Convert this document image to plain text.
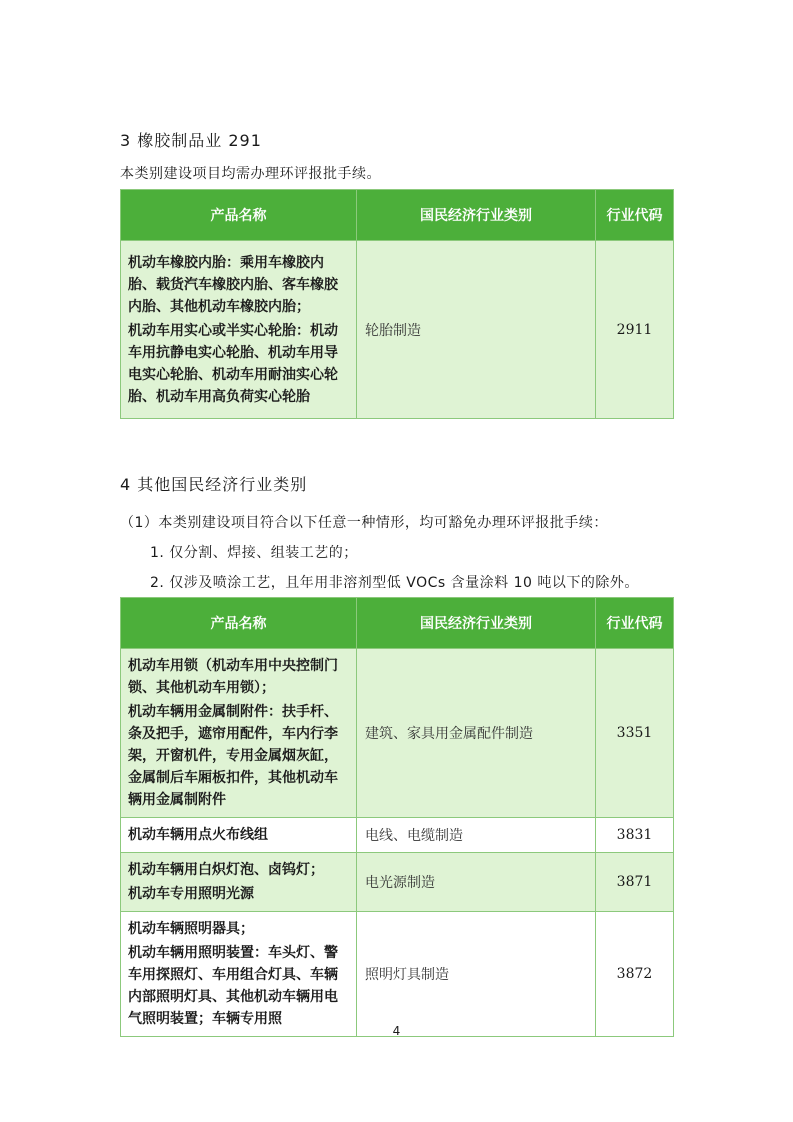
3 橡胶制品业 291
本类别建设项目均需办理环评报批手续。
产品名称	国民经济行业类别	行业代码

机动车橡胶内胎：乘用车橡胶内胎、载货汽车橡胶内胎、客车橡胶内胎、其他机动车橡胶内胎；
机动车用实心或半实心轮胎：机动车用抗静电实心轮胎、机动车用导电实心轮胎、机动车用耐油实心轮胎、机动车用高负荷实心轮胎	轮胎制造	2911
4 其他国民经济行业类别
（1）本类别建设项目符合以下任意一种情形，均可豁免办理环评报批手续：
1. 仅分割、焊接、组装工艺的；
2. 仅涉及喷涂工艺，且年用非溶剂型低 VOCs 含量涂料 10 吨以下的除外。
产品名称	国民经济行业类别	行业代码

机动车用锁（机动车用中央控制门锁、其他机动车用锁）；
机动车辆用金属制附件：扶手杆、条及把手，遮帘用配件，车内行李架，开窗机件，专用金属烟灰缸，金属制后车厢板扣件，其他机动车辆用金属制附件	建筑、家具用金属配件制造	3351

机动车辆用点火布线组	电线、电缆制造	3831

机动车辆用白炽灯泡、卤钨灯；
机动车专用照明光源	电光源制造	3871

机动车辆照明器具；
机动车辆用照明装置：车头灯、警车用探照灯、车用组合灯具、车辆内部照明灯具、其他机动车辆用电气照明装置；车辆专用照	照明灯具制造	3872
4
